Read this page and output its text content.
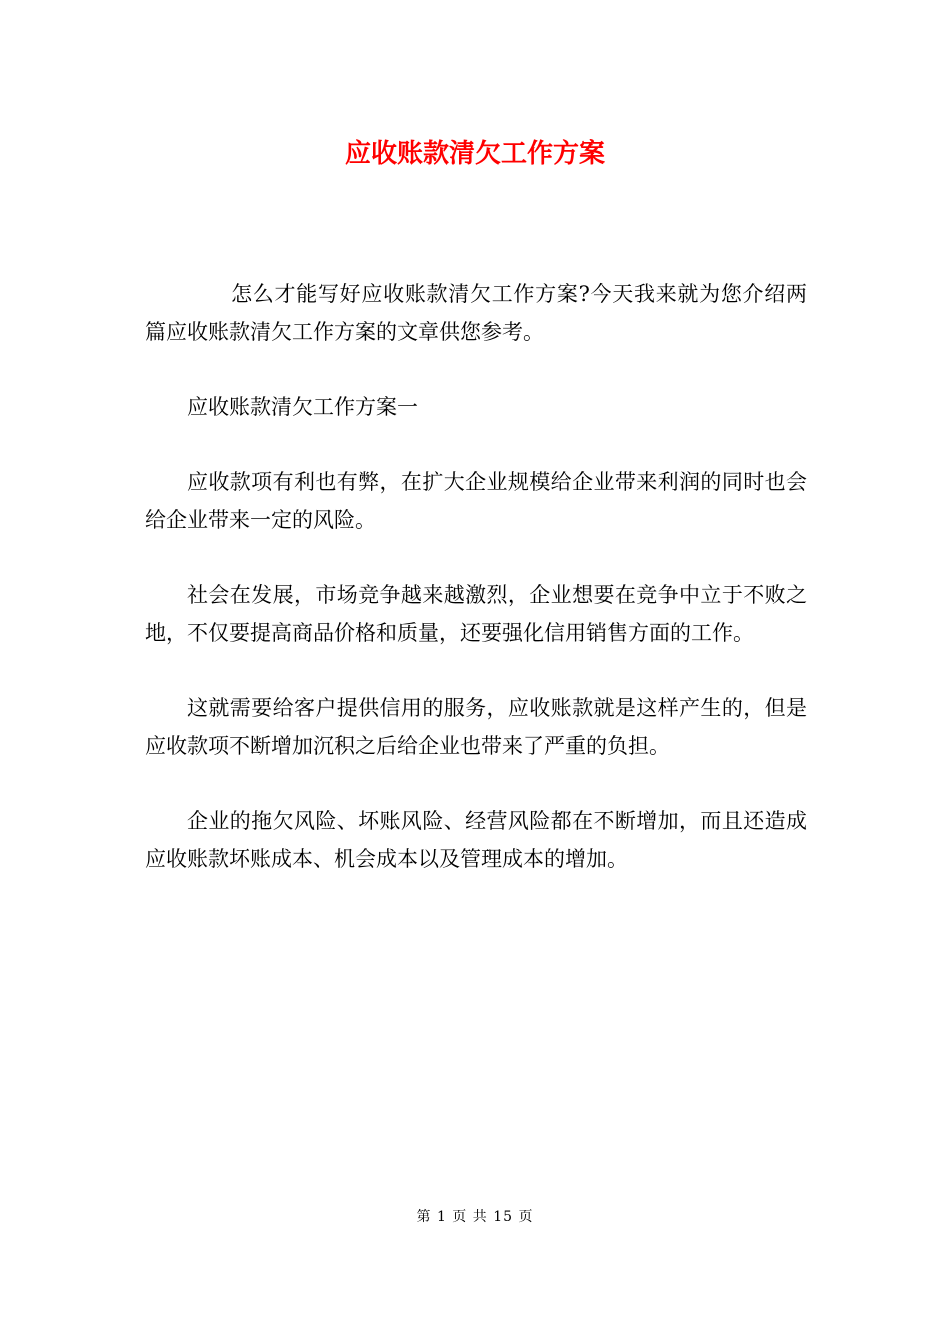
应收账款清欠工作方案

怎么才能写好应收账款清欠工作方案?今天我来就为您介绍两篇应收账款清欠工作方案的文章供您参考。

应收账款清欠工作方案一

应收款项有利也有弊，在扩大企业规模给企业带来利润的同时也会给企业带来一定的风险。

社会在发展，市场竞争越来越激烈，企业想要在竞争中立于不败之地，不仅要提高商品价格和质量，还要强化信用销售方面的工作。

这就需要给客户提供信用的服务，应收账款就是这样产生的，但是应收款项不断增加沉积之后给企业也带来了严重的负担。

企业的拖欠风险、坏账风险、经营风险都在不断增加，而且还造成应收账款坏账成本、机会成本以及管理成本的增加。

第 1 页 共 15 页
